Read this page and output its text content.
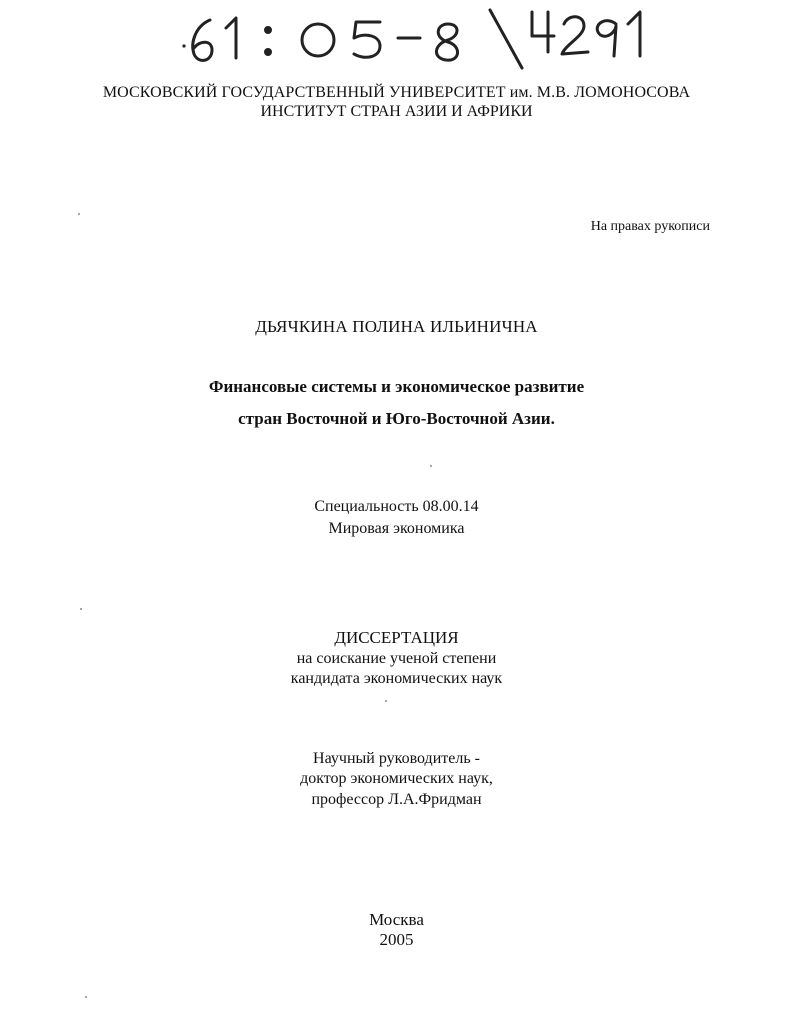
МОСКОВСКИЙ ГОСУДАРСТВЕННЫЙ УНИВЕРСИТЕТ им. М.В. ЛОМОНОСОВА
ИНСТИТУТ СТРАН АЗИИ И АФРИКИ
На правах рукописи
ДЬЯЧКИНА ПОЛИНА ИЛЬИНИЧНА
Финансовые системы и экономическое развитие
стран Восточной и Юго-Восточной Азии.
Специальность 08.00.14
Мировая экономика
ДИССЕРТАЦИЯ
на соискание ученой степени
кандидата экономических наук
Научный руководитель -
доктор экономических наук,
профессор Л.А.Фридман
Москва
2005
